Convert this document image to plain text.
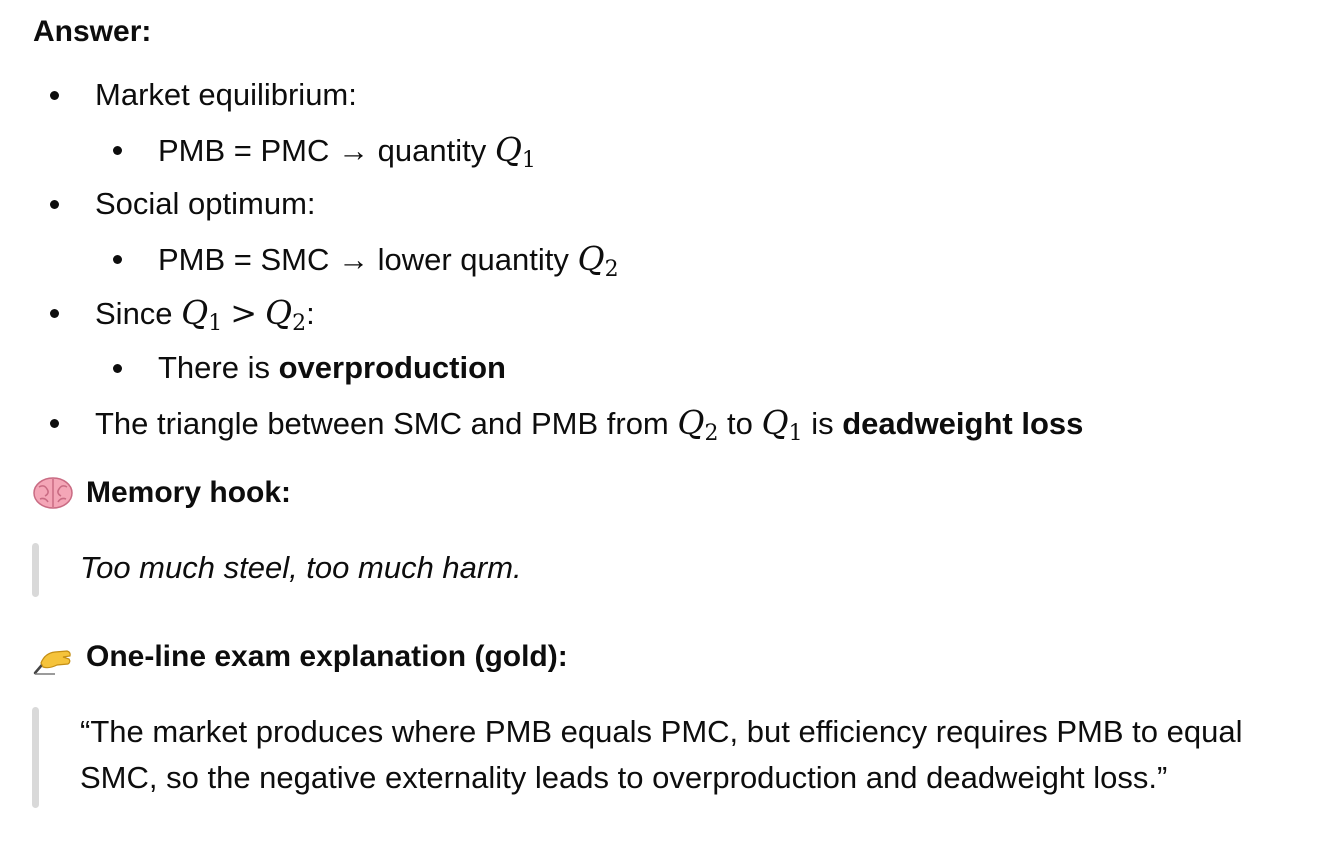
Answer:
Market equilibrium:
PMB = PMC → quantity $Q_1$
Social optimum:
PMB = SMC → lower quantity $Q_2$
Since $Q_1 > Q_2$:
There is overproduction
The triangle between SMC and PMB from $Q_2$ to $Q_1$ is deadweight loss
Memory hook:
Too much steel, too much harm.
One-line exam explanation (gold):
“The market produces where PMB equals PMC, but efficiency requires PMB to equal
SMC, so the negative externality leads to overproduction and deadweight loss.”
